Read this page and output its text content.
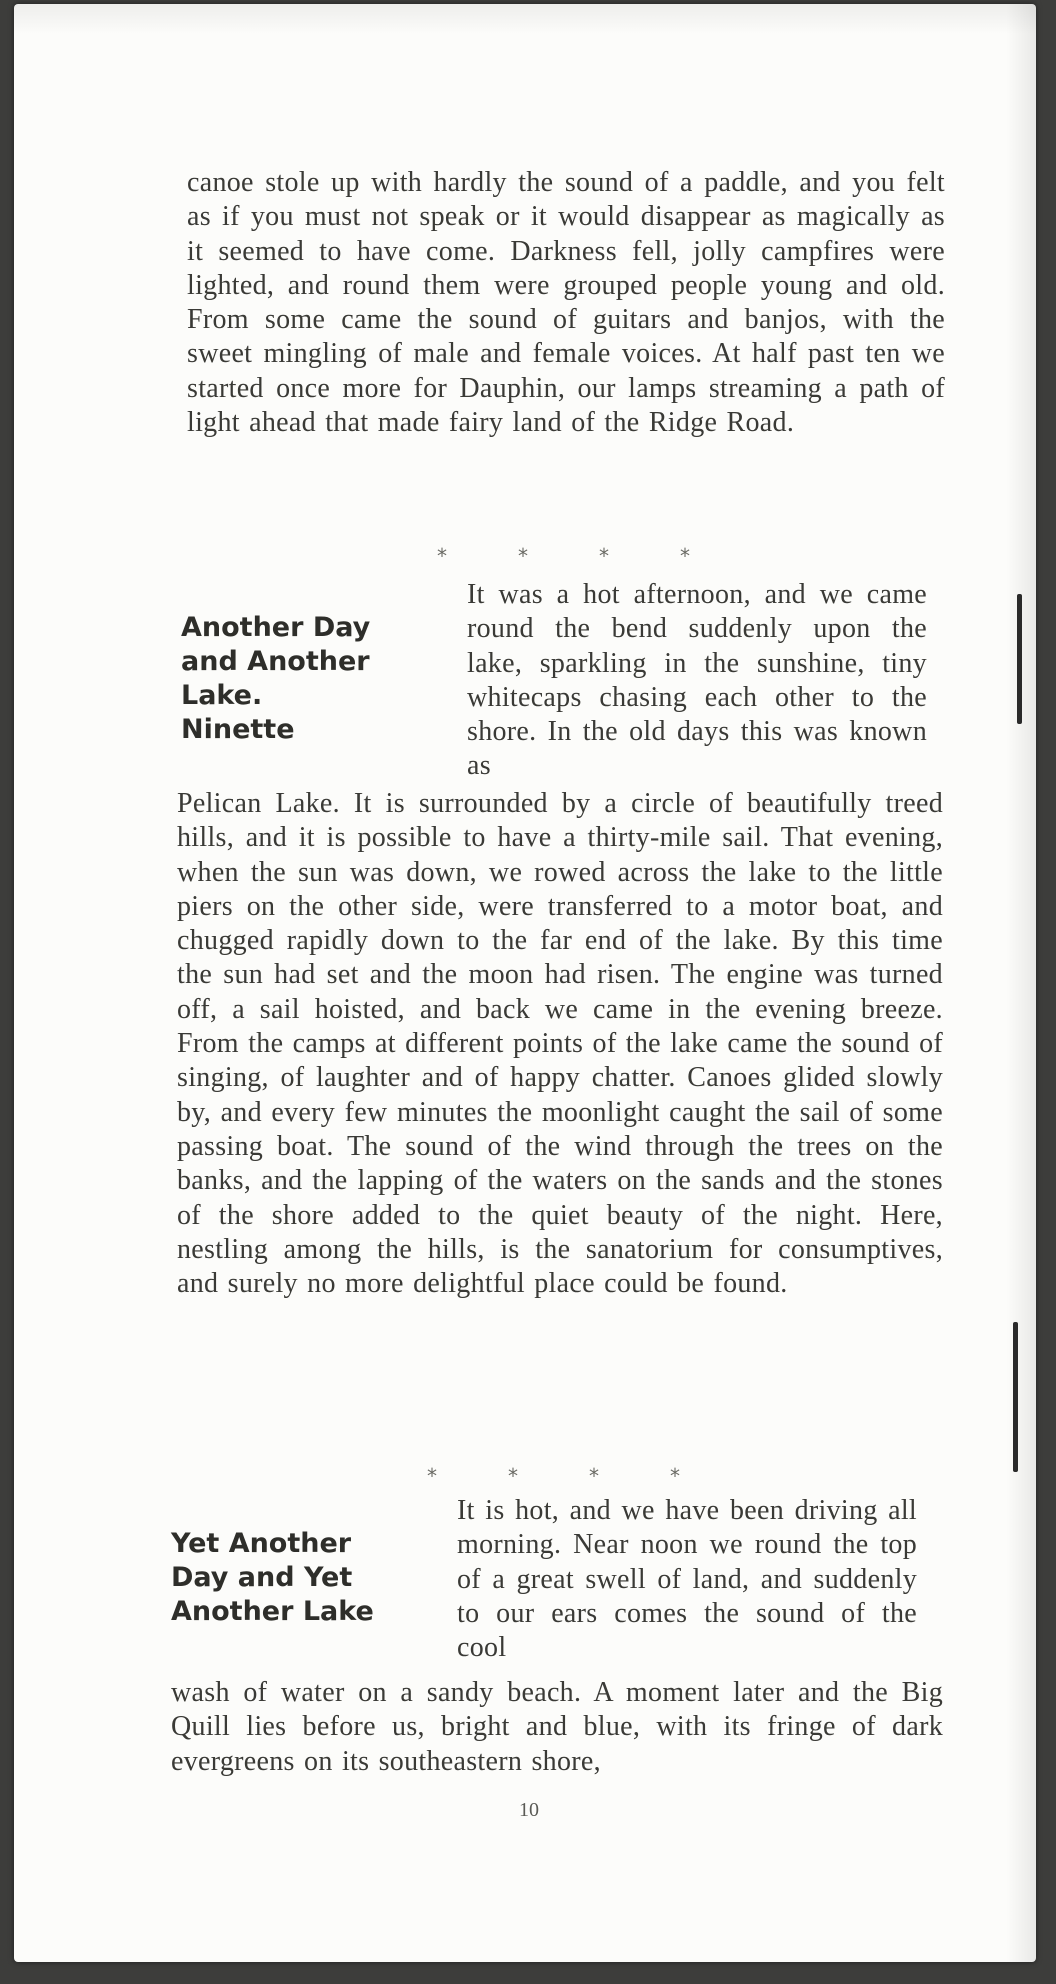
canoe stole up with hardly the sound of a paddle, and you felt as if you must not speak or it would disappear as magically as it seemed to have come. Darkness fell, jolly campfires were lighted, and round them were grouped people young and old. From some came the sound of guitars and banjos, with the sweet mingling of male and female voices. At half past ten we started once more for Dauphin, our lamps streaming a path of light ahead that made fairy land of the Ridge Road.

*	*	*	*
Another Day
and Another
Lake.
Ninette

It was a hot afternoon, and we came round the bend suddenly upon the lake, sparkling in the sunshine, tiny whitecaps chasing each other to the shore. In the old days this was known as

Pelican Lake. It is surrounded by a circle of beautifully treed hills, and it is possible to have a thirty-mile sail. That evening, when the sun was down, we rowed across the lake to the little piers on the other side, were transferred to a motor boat, and chugged rapidly down to the far end of the lake. By this time the sun had set and the moon had risen. The engine was turned off, a sail hoisted, and back we came in the evening breeze. From the camps at different points of the lake came the sound of singing, of laughter and of happy chatter. Canoes glided slowly by, and every few minutes the moonlight caught the sail of some passing boat. The sound of the wind through the trees on the banks, and the lapping of the waters on the sands and the stones of the shore added to the quiet beauty of the night. Here, nestling among the hills, is the sanatorium for consumptives, and surely no more delightful place could be found.

*	*	*	*
Yet Another
Day and Yet
Another Lake

It is hot, and we have been driving all morning. Near noon we round the top of a great swell of land, and suddenly to our ears comes the sound of the cool

wash of water on a sandy beach. A moment later and the Big Quill lies before us, bright and blue, with its fringe of dark evergreens on its southeastern shore,

10
